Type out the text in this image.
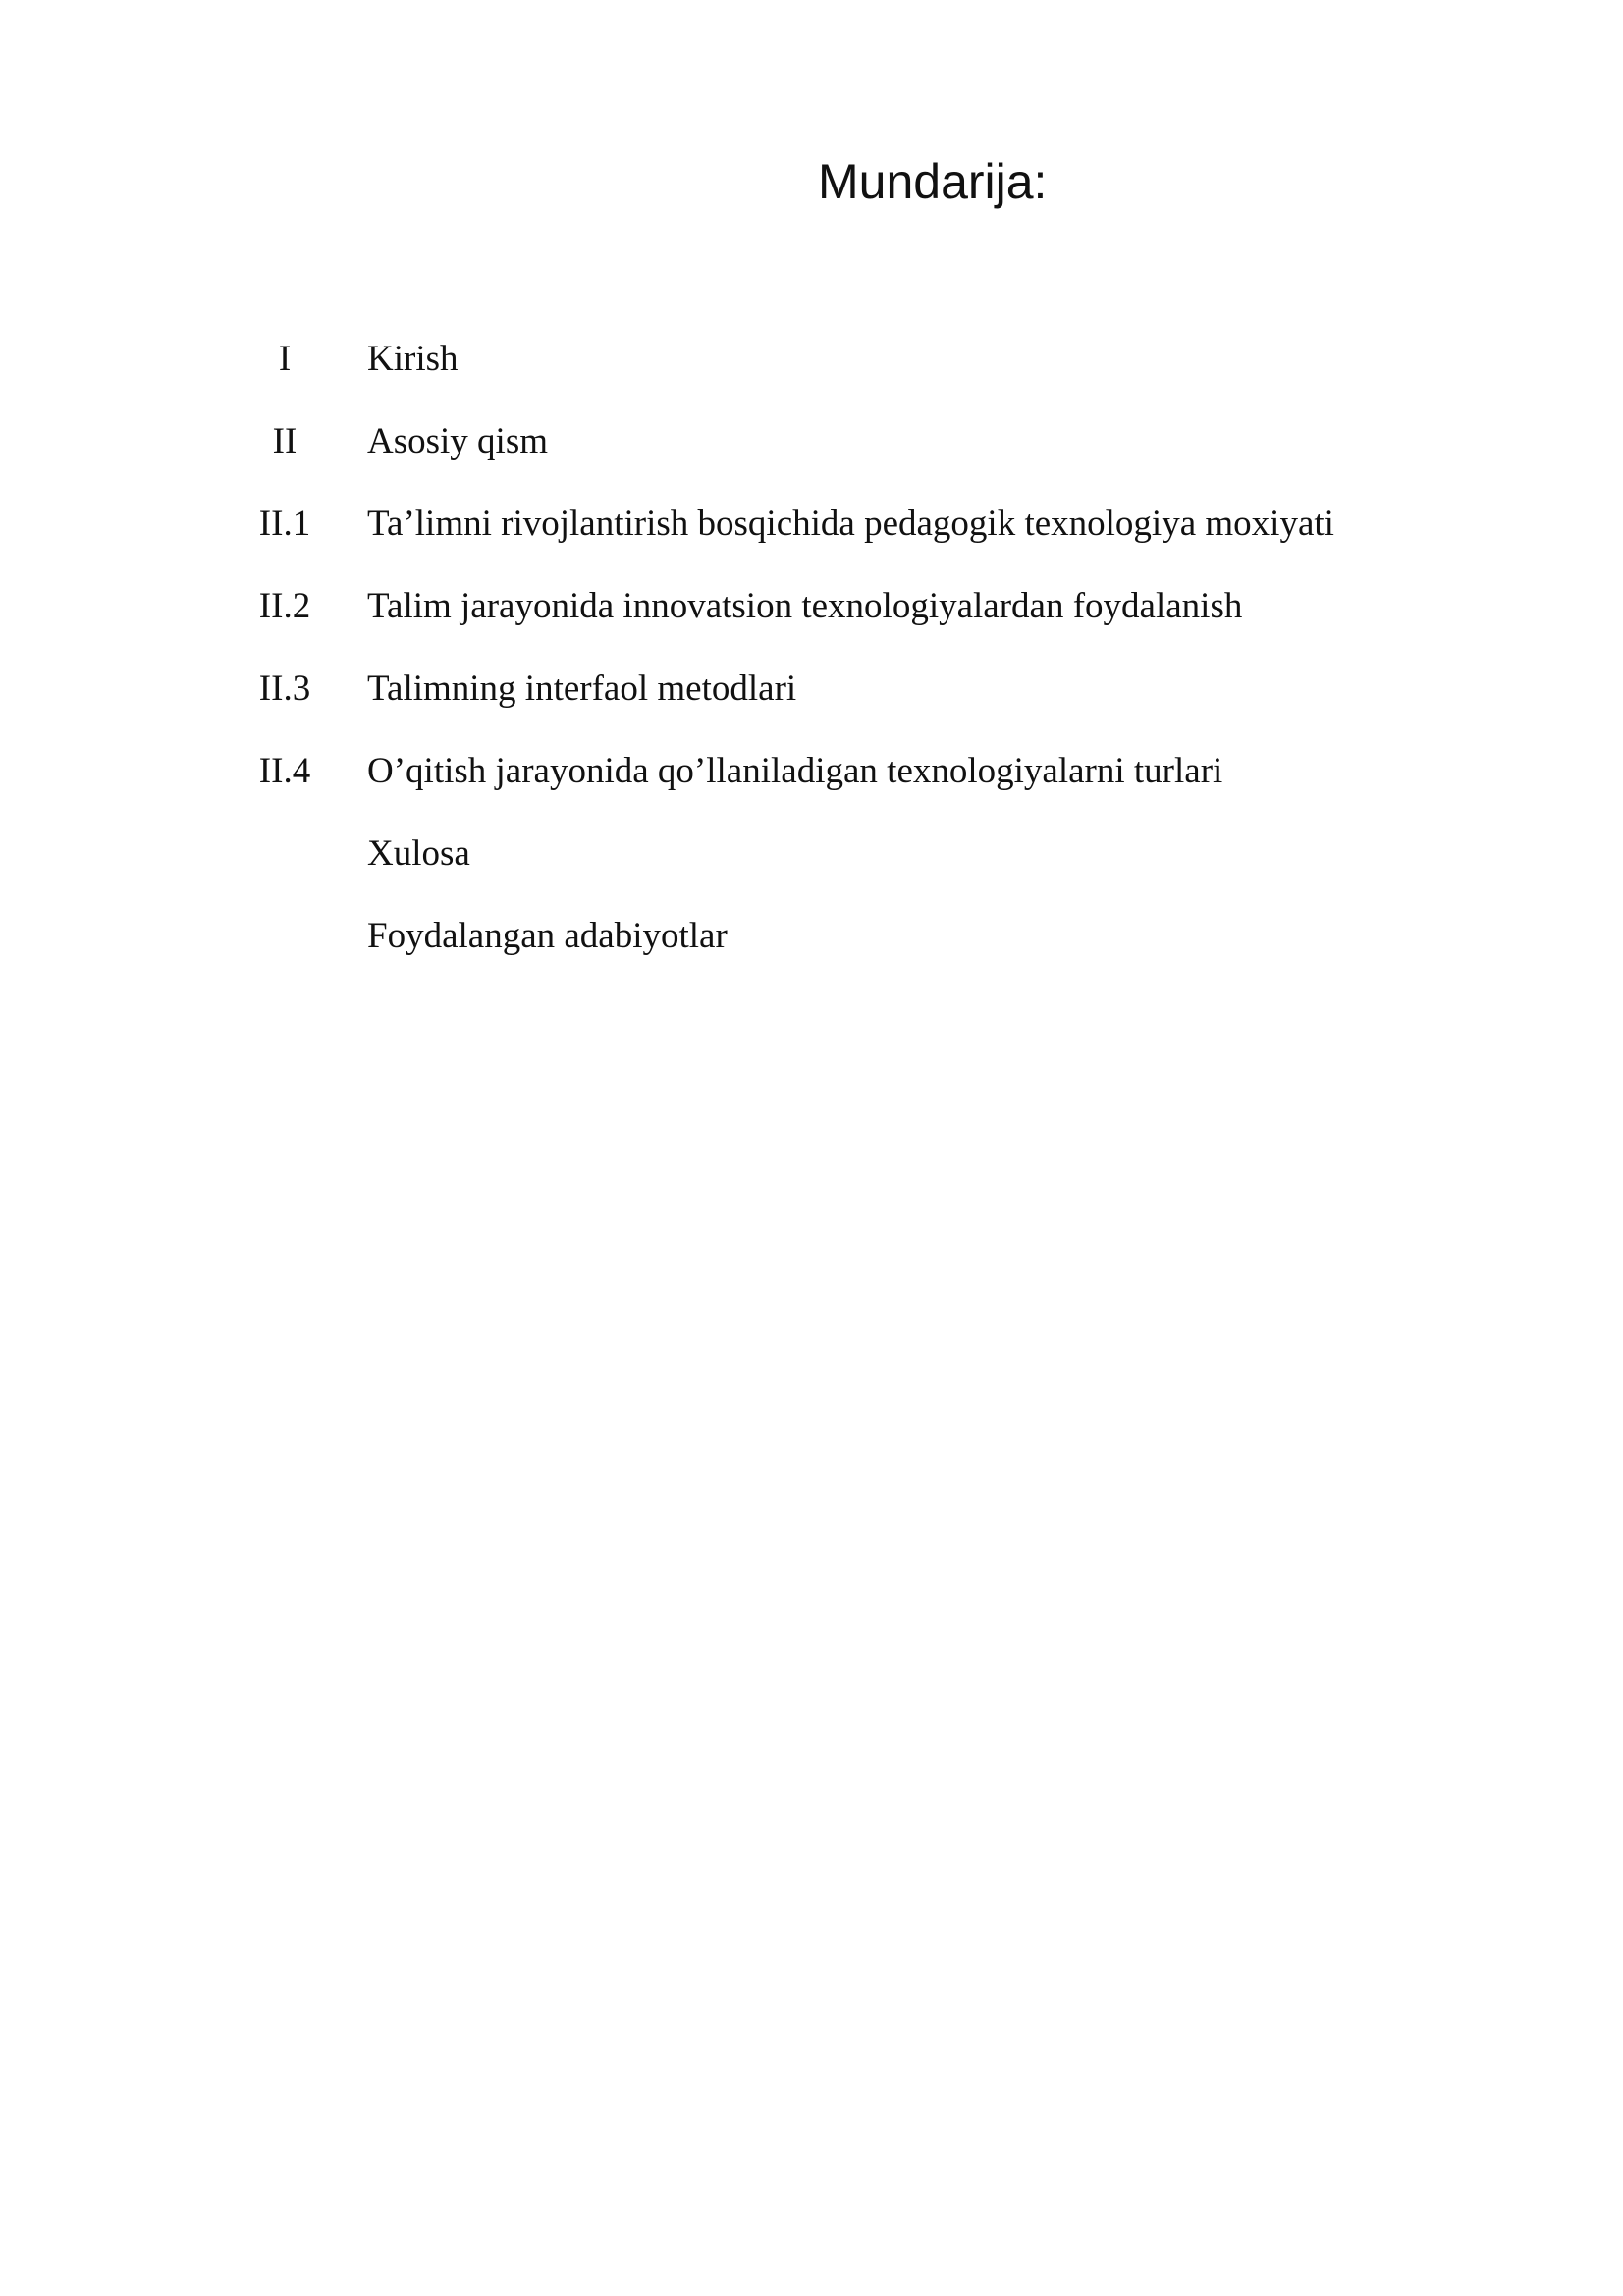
Mundarija:
I	Kirish
II	Asosiy qism
II.1	Ta’limni rivojlantirish bosqichida pedagogik texnologiya moxiyati
II.2	Talim jarayonida innovatsion texnologiyalardan foydalanish
II.3	Talimning interfaol metodlari
II.4	O’qitish jarayonida qo’llaniladigan texnologiyalarni turlari
Xulosa
Foydalangan adabiyotlar
